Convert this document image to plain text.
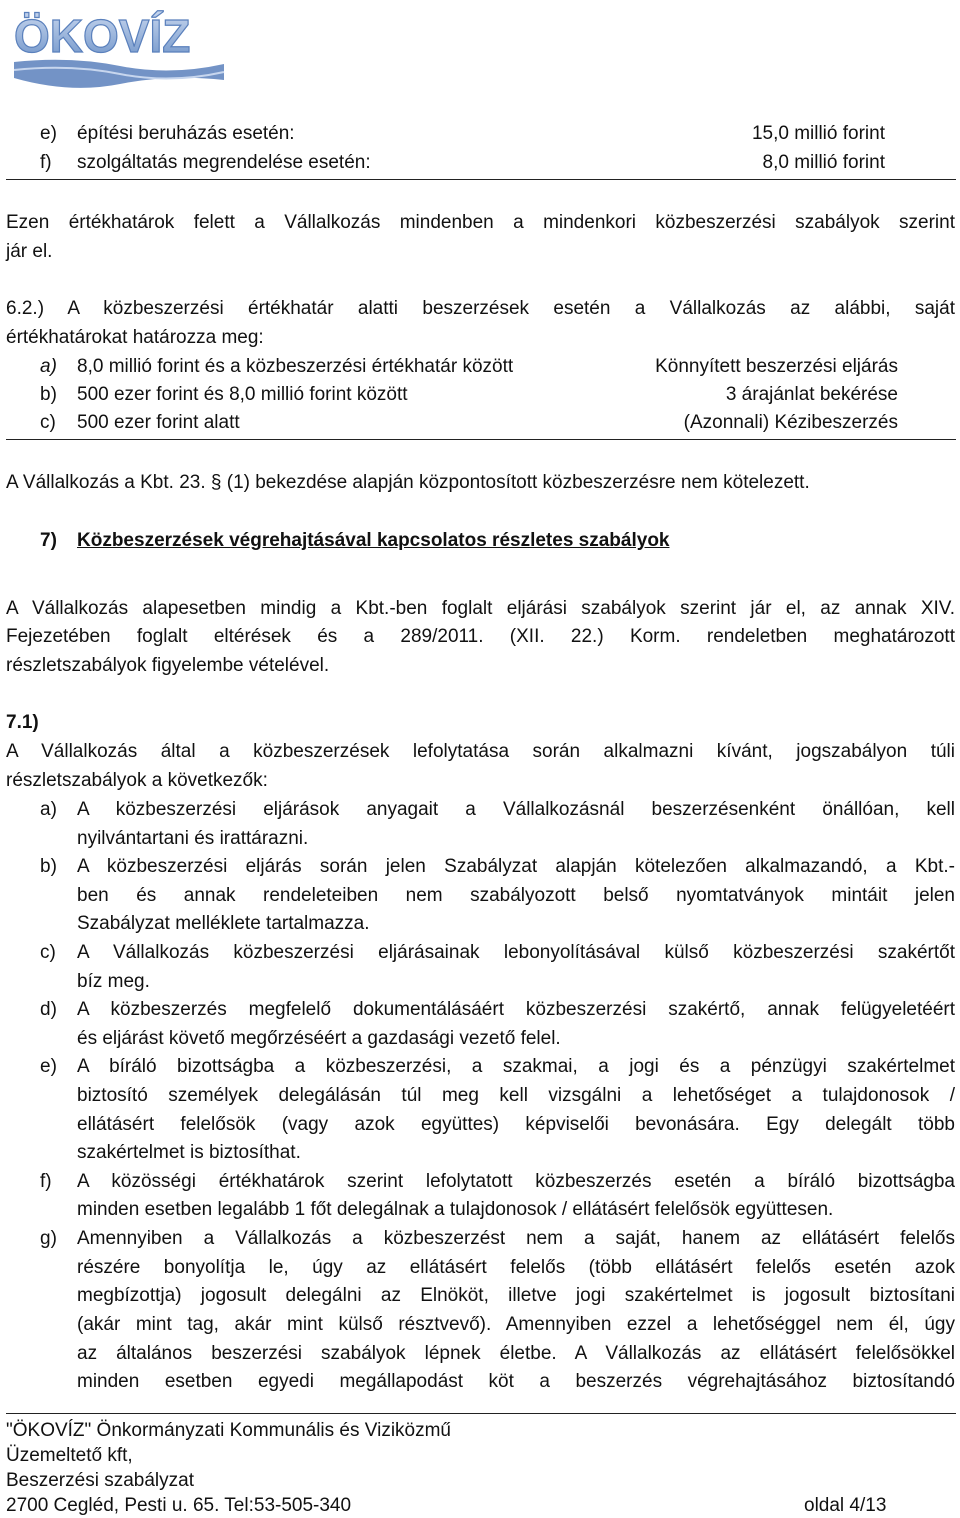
ÖKOVÍZ
e) építési beruházás esetén:	15,0 millió forint
f) szolgáltatás megrendelése esetén:	8,0 millió forint
Ezen értékhatárok felett a Vállalkozás mindenben a mindenkori közbeszerzési szabályok szerint
jár el.
6.2.) A közbeszerzési értékhatár alatti beszerzések esetén a Vállalkozás az alábbi, saját
értékhatárokat határozza meg:
a) 8,0 millió forint és a közbeszerzési értékhatár között	Könnyített beszerzési eljárás
b) 500 ezer forint és 8,0 millió forint között	3 árajánlat bekérése
c) 500 ezer forint alatt	(Azonnali) Kézibeszerzés
A Vállalkozás a Kbt. 23. § (1) bekezdése alapján központosított közbeszerzésre nem kötelezett.
7) Közbeszerzések végrehajtásával kapcsolatos részletes szabályok
A Vállalkozás alapesetben mindig a Kbt.-ben foglalt eljárási szabályok szerint jár el, az annak XIV.
Fejezetében foglalt eltérések és a 289/2011. (XII. 22.) Korm. rendeletben meghatározott
részletszabályok figyelembe vételével.
7.1)
A Vállalkozás által a közbeszerzések lefolytatása során alkalmazni kívánt, jogszabályon túli
részletszabályok a következők:
a) A közbeszerzési eljárások anyagait a Vállalkozásnál beszerzésenként önállóan, kell
nyilvántartani és irattárazni.
b) A közbeszerzési eljárás során jelen Szabályzat alapján kötelezően alkalmazandó, a Kbt.-
ben és annak rendeleteiben nem szabályozott belső nyomtatványok mintáit jelen
Szabályzat melléklete tartalmazza.
c) A Vállalkozás közbeszerzési eljárásainak lebonyolításával külső közbeszerzési szakértőt
bíz meg.
d) A közbeszerzés megfelelő dokumentálásáért közbeszerzési szakértő, annak felügyeletéért
és eljárást követő megőrzéséért a gazdasági vezető felel.
e) A bíráló bizottságba a közbeszerzési, a szakmai, a jogi és a pénzügyi szakértelmet
biztosító személyek delegálásán túl meg kell vizsgálni a lehetőséget a tulajdonosok /
ellátásért felelősök (vagy azok együttes) képviselői bevonására. Egy delegált több
szakértelmet is biztosíthat.
f) A közösségi értékhatárok szerint lefolytatott közbeszerzés esetén a bíráló bizottságba
minden esetben legalább 1 főt delegálnak a tulajdonosok / ellátásért felelősök együttesen.
g) Amennyiben a Vállalkozás a közbeszerzést nem a saját, hanem az ellátásért felelős
részére bonyolítja le, úgy az ellátásért felelős (több ellátásért felelős esetén azok
megbízottja) jogosult delegálni az Elnököt, illetve jogi szakértelmet is jogosult biztosítani
(akár mint tag, akár mint külső résztvevő). Amennyiben ezzel a lehetőséggel nem él, úgy
az általános beszerzési szabályok lépnek életbe. A Vállalkozás az ellátásért felelősökkel
minden esetben egyedi megállapodást köt a beszerzés végrehajtásához biztosítandó
"ÖKOVÍZ" Önkormányzati Kommunális és Viziközmű
Üzemeltető kft,
Beszerzési szabályzat
2700 Cegléd, Pesti u. 65. Tel:53-505-340	oldal 4/13
